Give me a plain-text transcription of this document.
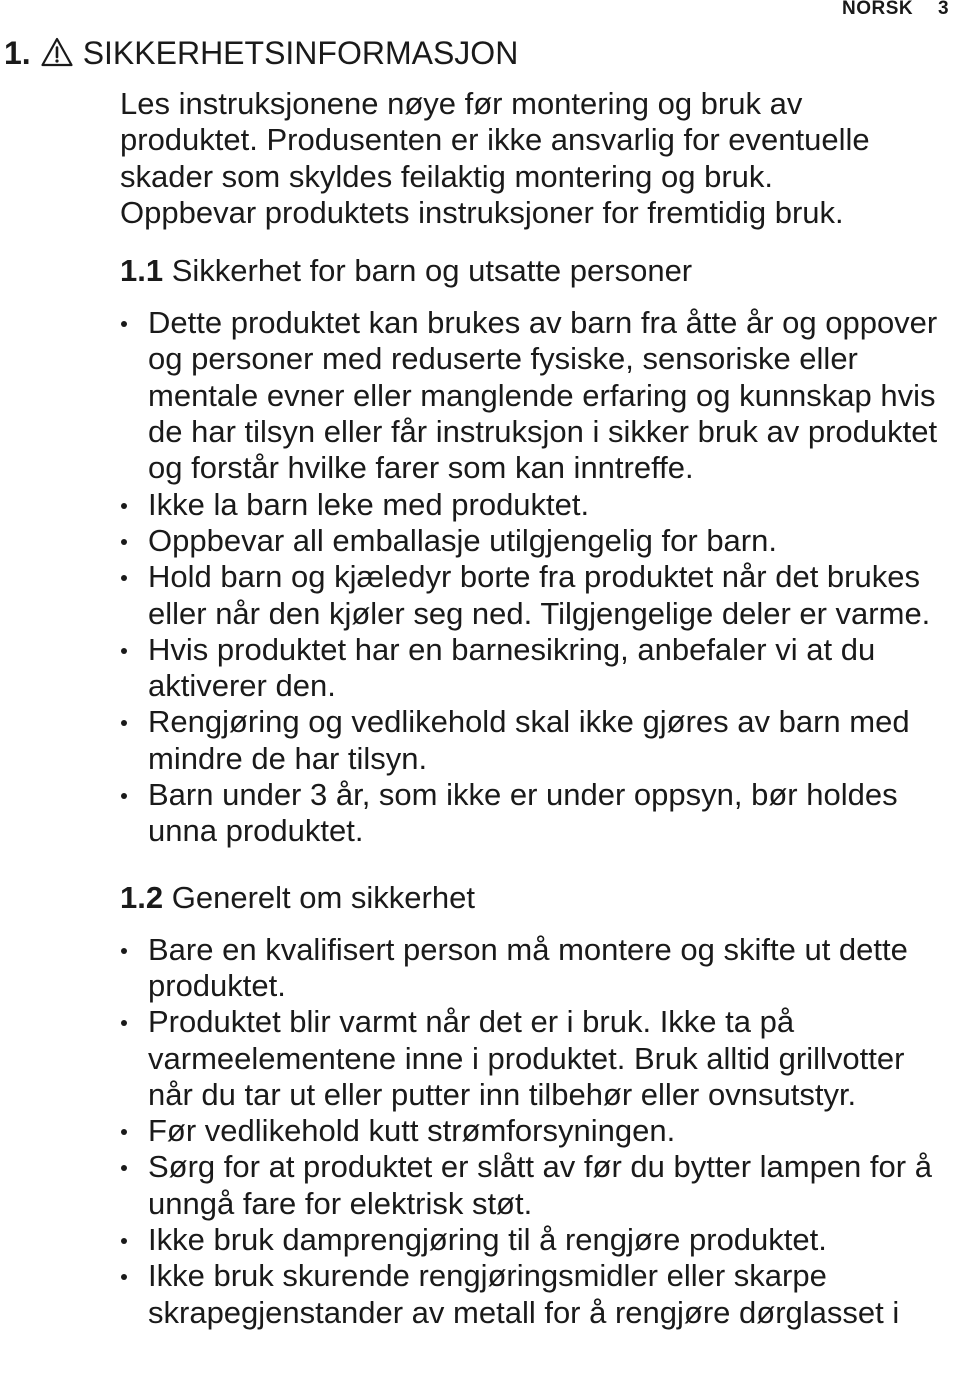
NORSK 3
1. SIKKERHETSINFORMASJON

Les instruksjonene nøye før montering og bruk av produktet. Produsenten er ikke ansvarlig for eventuelle skader som skyldes feilaktig montering og bruk. Oppbevar produktets instruksjoner for fremtidig bruk.

1.1 Sikkerhet for barn og utsatte personer

Dette produktet kan brukes av barn fra åtte år og oppover og personer med reduserte fysiske, sensoriske eller mentale evner eller manglende erfaring og kunnskap hvis de har tilsyn eller får instruksjon i sikker bruk av produktet og forstår hvilke farer som kan inntreffe.
Ikke la barn leke med produktet.
Oppbevar all emballasje utilgjengelig for barn.
Hold barn og kjæledyr borte fra produktet når det brukes eller når den kjøler seg ned. Tilgjengelige deler er varme.
Hvis produktet har en barnesikring, anbefaler vi at du aktiverer den.
Rengjøring og vedlikehold skal ikke gjøres av barn med mindre de har tilsyn.
Barn under 3 år, som ikke er under oppsyn, bør holdes unna produktet.

1.2 Generelt om sikkerhet

Bare en kvalifisert person må montere og skifte ut dette produktet.
Produktet blir varmt når det er i bruk. Ikke ta på varmeelementene inne i produktet. Bruk alltid grillvotter når du tar ut eller putter inn tilbehør eller ovnsutstyr.
Før vedlikehold kutt strømforsyningen.
Sørg for at produktet er slått av før du bytter lampen for å unngå fare for elektrisk støt.
Ikke bruk damprengjøring til å rengjøre produktet.
Ikke bruk skurende rengjøringsmidler eller skarpe skrapegjenstander av metall for å rengjøre dørglasset i
